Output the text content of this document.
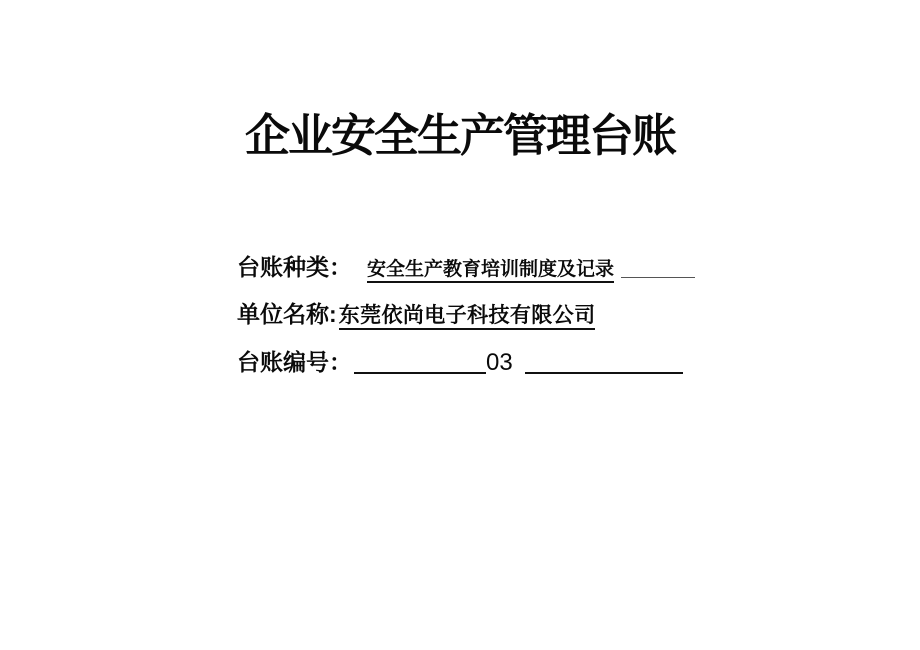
企业安全生产管理台账
台账种类： 安全生产教育培训制度及记录
单位名称:东莞依尚电子科技有限公司
台账编号：	03
